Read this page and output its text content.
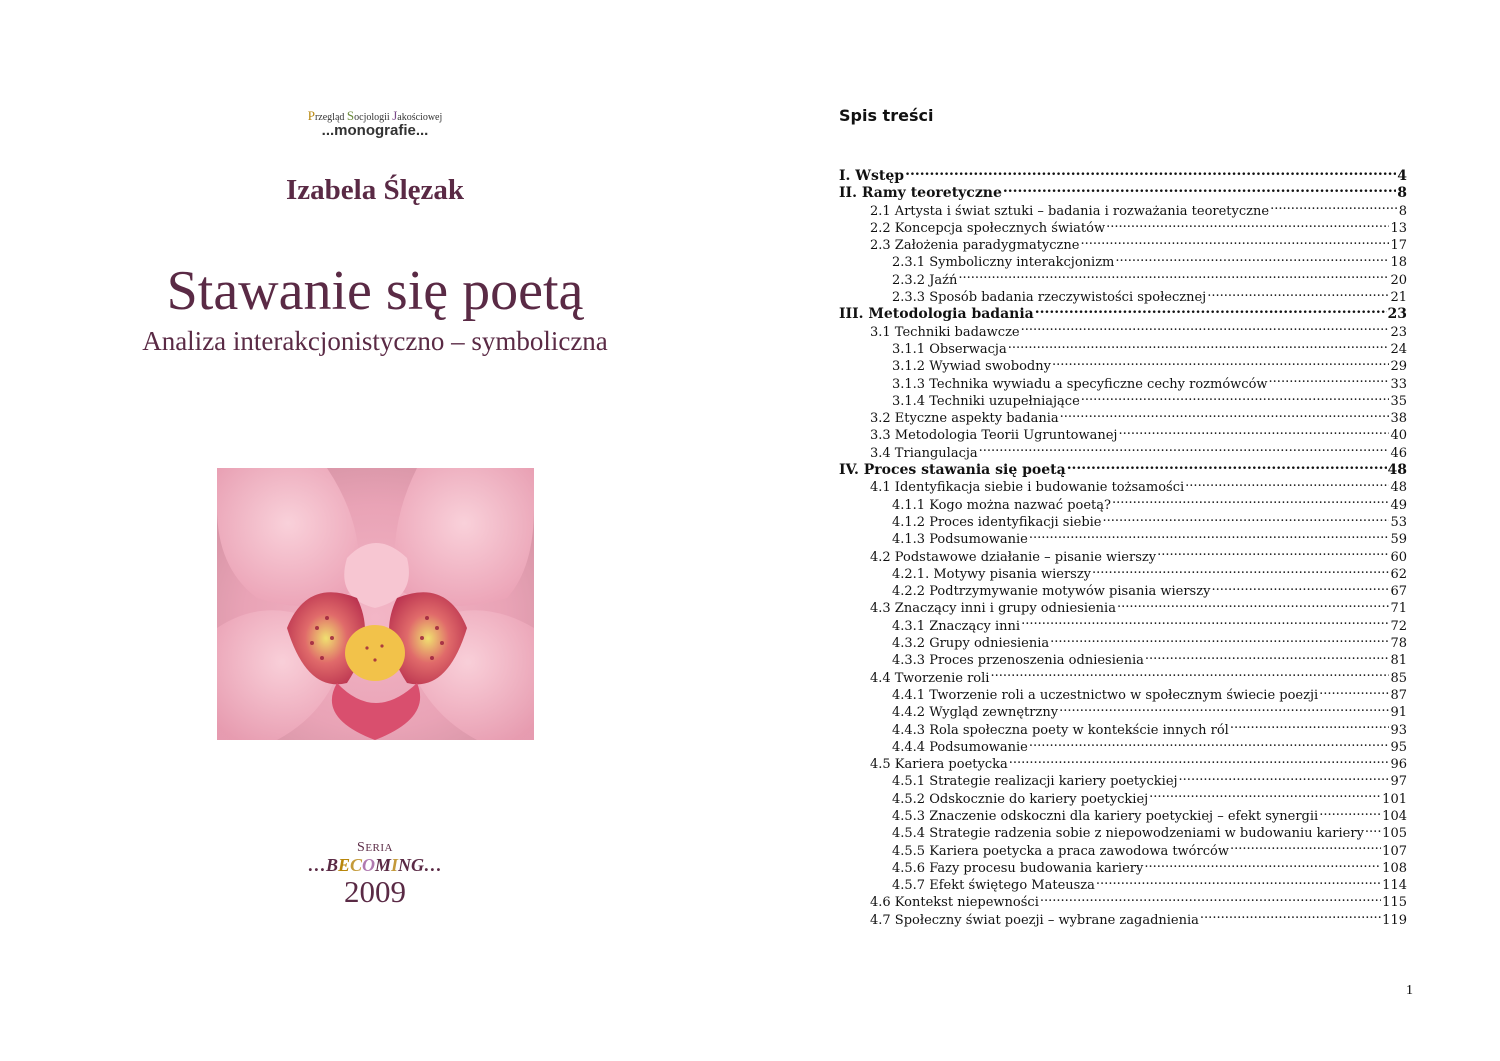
Przegląd Socjologii Jakościowej
...monografie...
Izabela Ślęzak
Stawanie się poetą
Analiza interakcjonistyczno – symboliczna
SERIA
…BECOMING…
2009
Spis treści
I. Wstęp .....	4
II. Ramy teoretyczne .....	8
2.1 Artysta i świat sztuki – badania i rozważania teoretyczne .....	8
2.2 Koncepcja społecznych światów .....	13
2.3 Założenia paradygmatyczne .....	17
2.3.1 Symboliczny interakcjonizm .....	18
2.3.2 Jaźń .....	20
2.3.3 Sposób badania rzeczywistości społecznej .....	21
III. Metodologia badania .....	23
3.1 Techniki badawcze .....	23
3.1.1 Obserwacja .....	24
3.1.2 Wywiad swobodny .....	29
3.1.3 Technika wywiadu a specyficzne cechy rozmówców .....	33
3.1.4 Techniki uzupełniające .....	35
3.2 Etyczne aspekty badania .....	38
3.3 Metodologia Teorii Ugruntowanej .....	40
3.4 Triangulacja .....	46
IV. Proces stawania się poetą .....	48
4.1 Identyfikacja siebie i budowanie tożsamości .....	48
4.1.1 Kogo można nazwać poetą? .....	49
4.1.2 Proces identyfikacji siebie .....	53
4.1.3 Podsumowanie .....	59
4.2 Podstawowe działanie – pisanie wierszy .....	60
4.2.1. Motywy pisania wierszy .....	62
4.2.2 Podtrzymywanie motywów pisania wierszy .....	67
4.3 Znaczący inni i grupy odniesienia .....	71
4.3.1 Znaczący inni .....	72
4.3.2 Grupy odniesienia .....	78
4.3.3 Proces przenoszenia odniesienia .....	81
4.4 Tworzenie roli .....	85
4.4.1 Tworzenie roli a uczestnictwo w społecznym świecie poezji .....	87
4.4.2 Wygląd zewnętrzny .....	91
4.4.3 Rola społeczna poety w kontekście innych ról .....	93
4.4.4 Podsumowanie .....	95
4.5 Kariera poetycka .....	96
4.5.1 Strategie realizacji kariery poetyckiej .....	97
4.5.2 Odskocznie do kariery poetyckiej .....	101
4.5.3 Znaczenie odskoczni dla kariery poetyckiej – efekt synergii .....	104
4.5.4 Strategie radzenia sobie z niepowodzeniami w budowaniu kariery ..... 105
4.5.5 Kariera poetycka a praca zawodowa twórców .....	107
4.5.6 Fazy procesu budowania kariery .....	108
4.5.7 Efekt świętego Mateusza .....	114
4.6 Kontekst niepewności .....	115
4.7 Społeczny świat poezji – wybrane zagadnienia .....	119
1
